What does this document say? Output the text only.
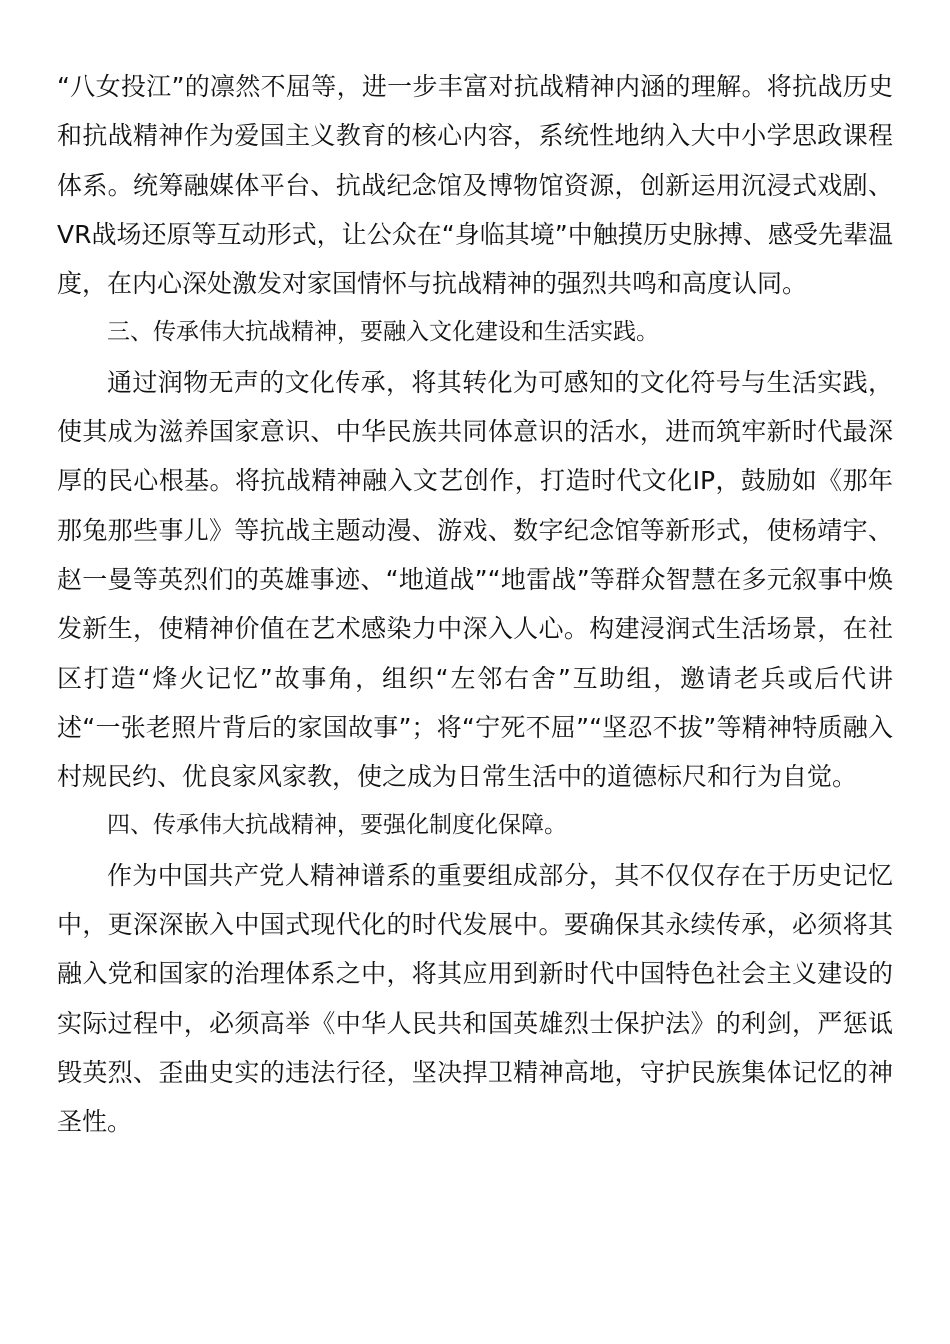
“八女投江”的凛然不屈等，进一步丰富对抗战精神内涵的理解。将抗战历史和抗战精神作为爱国主义教育的核心内容，系统性地纳入大中小学思政课程体系。统筹融媒体平台、抗战纪念馆及博物馆资源，创新运用沉浸式戏剧、VR战场还原等互动形式，让公众在“身临其境”中触摸历史脉搏、感受先辈温度，在内心深处激发对家国情怀与抗战精神的强烈共鸣和高度认同。

三、传承伟大抗战精神，要融入文化建设和生活实践。

通过润物无声的文化传承，将其转化为可感知的文化符号与生活实践，使其成为滋养国家意识、中华民族共同体意识的活水，进而筑牢新时代最深厚的民心根基。将抗战精神融入文艺创作，打造时代文化IP，鼓励如《那年那兔那些事儿》等抗战主题动漫、游戏、数字纪念馆等新形式，使杨靖宇、赵一曼等英烈们的英雄事迹、“地道战”“地雷战”等群众智慧在多元叙事中焕发新生，使精神价值在艺术感染力中深入人心。构建浸润式生活场景，在社区打造“烽火记忆”故事角，组织“左邻右舍”互助组，邀请老兵或后代讲述“一张老照片背后的家国故事”；将“宁死不屈”“坚忍不拔”等精神特质融入村规民约、优良家风家教，使之成为日常生活中的道德标尺和行为自觉。

四、传承伟大抗战精神，要强化制度化保障。

作为中国共产党人精神谱系的重要组成部分，其不仅仅存在于历史记忆中，更深深嵌入中国式现代化的时代发展中。要确保其永续传承，必须将其融入党和国家的治理体系之中，将其应用到新时代中国特色社会主义建设的实际过程中，必须高举《中华人民共和国英雄烈士保护法》的利剑，严惩诋毁英烈、歪曲史实的违法行径，坚决捍卫精神高地，守护民族集体记忆的神圣性。
